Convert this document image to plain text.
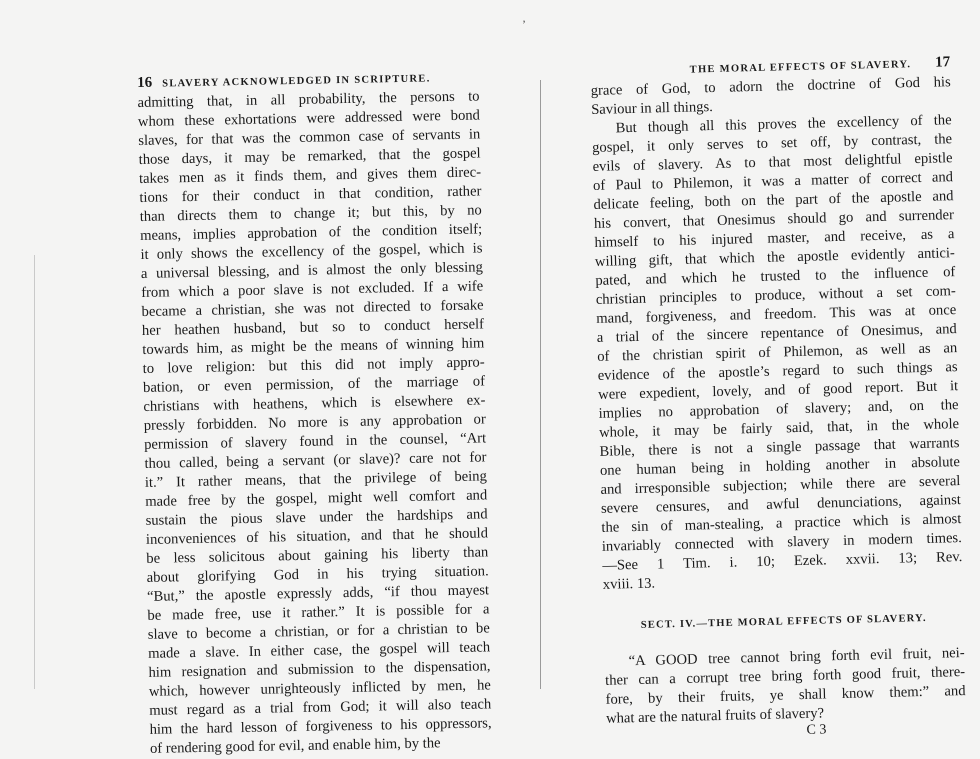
’
16 SLAVERY ACKNOWLEDGED IN SCRIPTURE.
admitting that, in all probability, the persons to
whom these exhortations were addressed were bond
slaves, for that was the common case of servants in
those days, it may be remarked, that the gospel
takes men as it finds them, and gives them direc-
tions for their conduct in that condition, rather
than directs them to change it; but this, by no
means, implies approbation of the condition itself;
it only shows the excellency of the gospel, which is
a universal blessing, and is almost the only blessing
from which a poor slave is not excluded. If a wife
became a christian, she was not directed to forsake
her heathen husband, but so to conduct herself
towards him, as might be the means of winning him
to love religion: but this did not imply appro-
bation, or even permission, of the marriage of
christians with heathens, which is elsewhere ex-
pressly forbidden. No more is any approbation or
permission of slavery found in the counsel, “Art
thou called, being a servant (or slave)? care not for
it.” It rather means, that the privilege of being
made free by the gospel, might well comfort and
sustain the pious slave under the hardships and
inconveniences of his situation, and that he should
be less solicitous about gaining his liberty than
about glorifying God in his trying situation.
“But,” the apostle expressly adds, “if thou mayest
be made free, use it rather.” It is possible for a
slave to become a christian, or for a christian to be
made a slave. In either case, the gospel will teach
him resignation and submission to the dispensation,
which, however unrighteously inflicted by men, he
must regard as a trial from God; it will also teach
him the hard lesson of forgiveness to his oppressors,
of rendering good for evil, and enable him, by the
THE MORAL EFFECTS OF SLAVERY. 17
grace of God, to adorn the doctrine of God his
Saviour in all things.
But though all this proves the excellency of the
gospel, it only serves to set off, by contrast, the
evils of slavery. As to that most delightful epistle
of Paul to Philemon, it was a matter of correct and
delicate feeling, both on the part of the apostle and
his convert, that Onesimus should go and surrender
himself to his injured master, and receive, as a
willing gift, that which the apostle evidently antici-
pated, and which he trusted to the influence of
christian principles to produce, without a set com-
mand, forgiveness, and freedom. This was at once
a trial of the sincere repentance of Onesimus, and
of the christian spirit of Philemon, as well as an
evidence of the apostle’s regard to such things as
were expedient, lovely, and of good report. But it
implies no approbation of slavery; and, on the
whole, it may be fairly said, that, in the whole
Bible, there is not a single passage that warrants
one human being in holding another in absolute
and irresponsible subjection; while there are several
severe censures, and awful denunciations, against
the sin of man-stealing, a practice which is almost
invariably connected with slavery in modern times.
—See 1 Tim. i. 10; Ezek. xxvii. 13; Rev.
xviii. 13.
SECT. IV.—THE MORAL EFFECTS OF SLAVERY.
“A GOOD tree cannot bring forth evil fruit, nei-
ther can a corrupt tree bring forth good fruit, there-
fore, by their fruits, ye shall know them:” and
what are the natural fruits of slavery?
C 3
